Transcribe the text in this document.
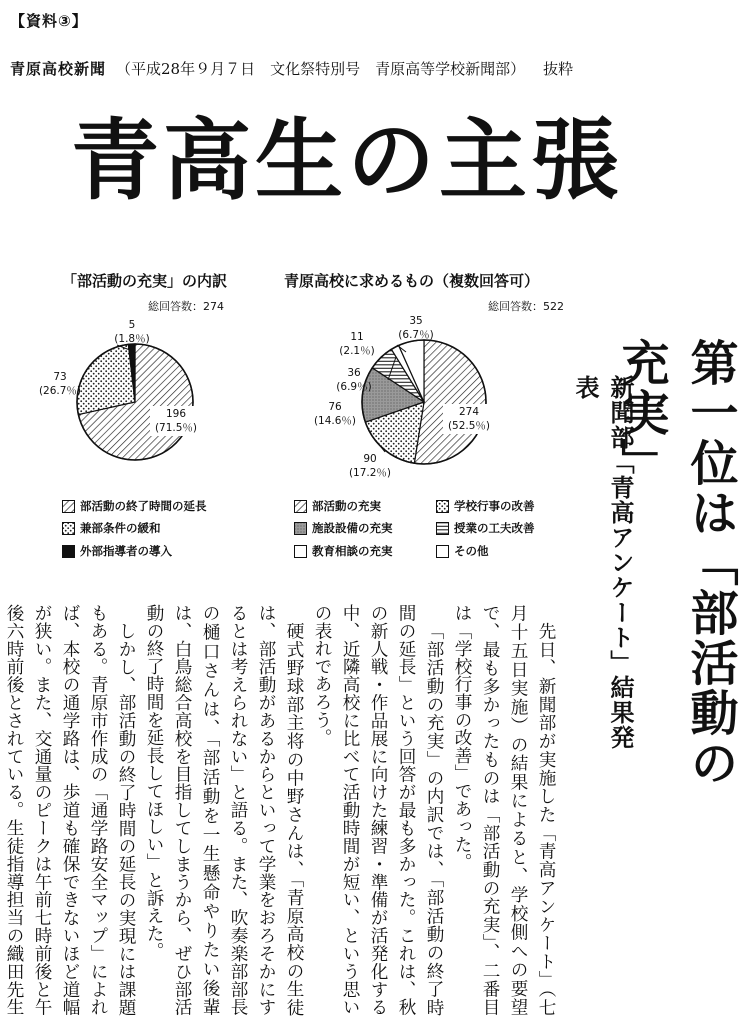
【資料③】
青原高校新聞 （平成28年９月７日　文化祭特別号　青原高等学校新聞部） 抜粋
青高生の主張
「部活動の充実」の内訳
総回答数：274
5
(1.8％)
73
(26.7％)
196
(71.5％)
青原高校に求めるもの（複数回答可）
総回答数：522
35
(6.7％)
11
(2.1％)
36
(6.9％)
76
(14.6％)
90
(17.2％)
274
(52.5％)
部活動の終了時間の延長
兼部条件の緩和
外部指導者の導入
部活動の充実
施設設備の充実
教育相談の充実
学校行事の改善
授業の工夫改善
その他	第一位は「部活動の充実」
新聞部「青高アンケート」結果発表

先日、新聞部が実施した「青高アンケート」（七月十五日実施）の結果によると、学校側への要望で、最も多かったものは「部活動の充実」、二番目は「学校行事の改善」であった。

「部活動の充実」の内訳では、「部活動の終了時間の延長」という回答が最も多かった。これは、秋の新人戦・作品展に向けた練習・準備が活発化する中、近隣高校に比べて活動時間が短い、という思いの表れであろう。

硬式野球部主将の中野さんは、「青原高校の生徒は、部活動があるからといって学業をおろそかにするとは考えられない」と語る。また、吹奏楽部部長の樋口さんは、「部活動を一生懸命やりたい後輩は、白鳥総合高校を目指してしまうから、ぜひ部活動の終了時間を延長してほしい」と訴えた。

しかし、部活動の終了時間の延長の実現には課題もある。青原市作成の「通学路安全マップ」によれば、本校の通学路は、歩道も確保できないほど道幅が狭い。また、交通量のピークは午前七時前後と午後六時前後とされている。生徒指導担当の織田先生
